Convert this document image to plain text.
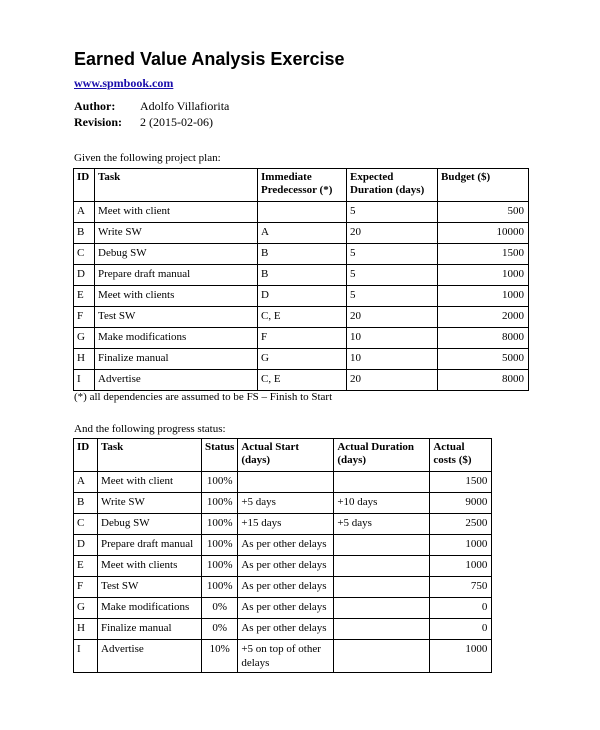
Earned Value Analysis Exercise
www.spmbook.com
Author: Adolfo Villafiorita
Revision: 2 (2015-02-06)
Given the following project plan:
ID	Task	Immediate Predecessor (*)	Expected Duration (days)	Budget ($)
A	Meet with client		5	500
B	Write SW	A	20	10000
C	Debug SW	B	5	1500
D	Prepare draft manual	B	5	1000
E	Meet with clients	D	5	1000
F	Test SW	C, E	20	2000
G	Make modifications	F	10	8000
H	Finalize manual	G	10	5000
I	Advertise	C, E	20	8000
(*) all dependencies are assumed to be FS – Finish to Start
And the following progress status:
ID	Task	Status	Actual Start (days)	Actual Duration (days)	Actual costs ($)
A	Meet with client	100%			1500
B	Write SW	100%	+5 days	+10 days	9000
C	Debug SW	100%	+15 days	+5 days	2500
D	Prepare draft manual	100%	As per other delays		1000
E	Meet with clients	100%	As per other delays		1000
F	Test SW	100%	As per other delays		750
G	Make modifications	0%	As per other delays		0
H	Finalize manual	0%	As per other delays		0
I	Advertise	10%	+5 on top of other delays		1000
